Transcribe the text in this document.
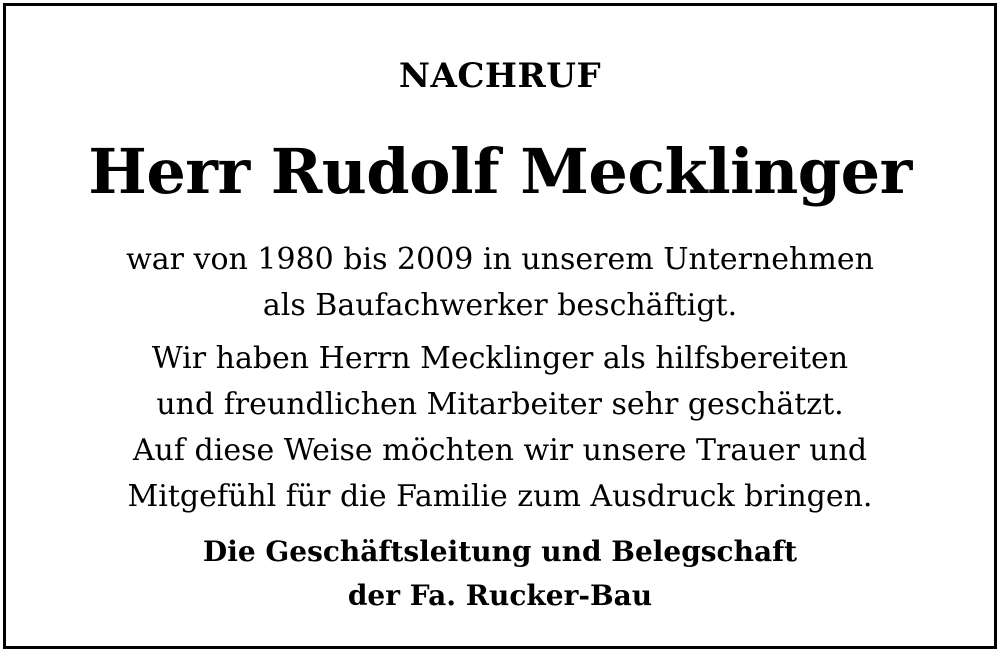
NACHRUF
Herr Rudolf Mecklinger
war von 1980 bis 2009 in unserem Unternehmen
als Baufachwerker beschäftigt.
Wir haben Herrn Mecklinger als hilfsbereiten
und freundlichen Mitarbeiter sehr geschätzt.
Auf diese Weise möchten wir unsere Trauer und
Mitgefühl für die Familie zum Ausdruck bringen.
Die Geschäftsleitung und Belegschaft
der Fa. Rucker-Bau
